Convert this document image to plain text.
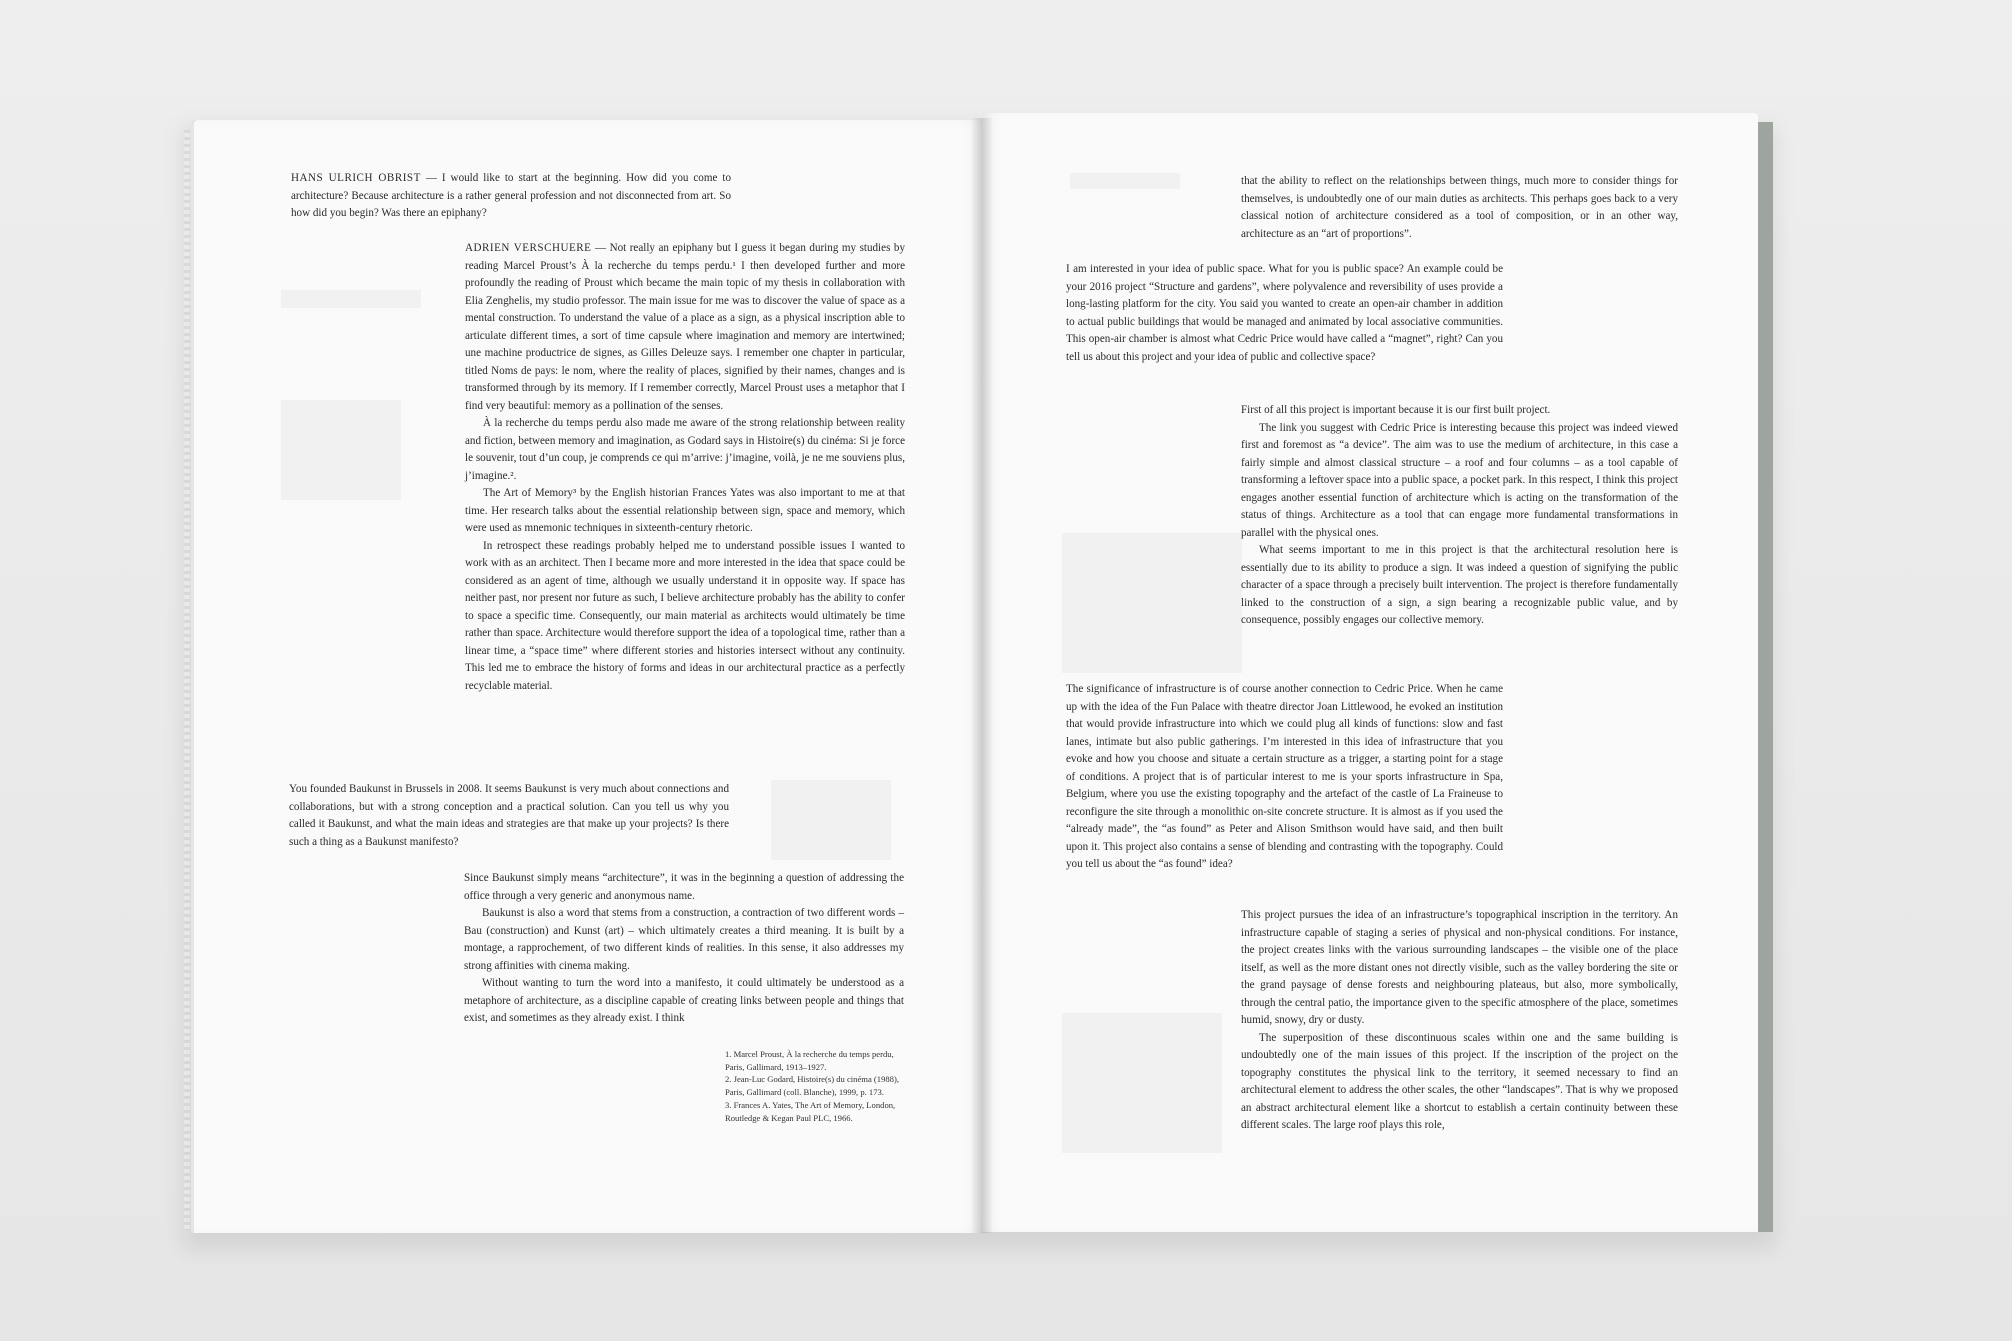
HANS ULRICH OBRIST — I would like to start at the beginning. How did you come to architecture? Because architecture is a rather general profession and not disconnected from art. So how did you begin? Was there an epiphany?

ADRIEN VERSCHUERE — Not really an epiphany but I guess it began during my studies by reading Marcel Proust’s À la recherche du temps perdu.¹ I then developed further and more profoundly the reading of Proust which became the main topic of my thesis in collaboration with Elia Zenghelis, my studio professor. The main issue for me was to discover the value of space as a mental construction. To understand the value of a place as a sign, as a physical inscription able to articulate different times, a sort of time capsule where imagination and memory are intertwined; une machine productrice de signes, as Gilles Deleuze says. I remember one chapter in particular, titled Noms de pays: le nom, where the reality of places, signified by their names, changes and is transformed through by its memory. If I remember correctly, Marcel Proust uses a metaphor that I find very beautiful: memory as a pollination of the senses.

À la recherche du temps perdu also made me aware of the strong relationship between reality and fiction, between memory and imagination, as Godard says in Histoire(s) du cinéma: Si je force le souvenir, tout d’un coup, je comprends ce qui m’arrive: j’imagine, voilà, je ne me souviens plus, j’imagine.².

The Art of Memory³ by the English historian Frances Yates was also important to me at that time. Her research talks about the essential relationship between sign, space and memory, which were used as mnemonic techniques in sixteenth-century rhetoric.

In retrospect these readings probably helped me to understand possible issues I wanted to work with as an architect. Then I became more and more interested in the idea that space could be considered as an agent of time, although we usually understand it in opposite way. If space has neither past, nor present nor future as such, I believe architecture probably has the ability to confer to space a specific time. Consequently, our main material as architects would ultimately be time rather than space. Architecture would therefore support the idea of a topological time, rather than a linear time, a “space time” where different stories and histories intersect without any continuity. This led me to embrace the history of forms and ideas in our architectural practice as a perfectly recyclable material.

You founded Baukunst in Brussels in 2008. It seems Baukunst is very much about connections and collaborations, but with a strong conception and a practical solution. Can you tell us why you called it Baukunst, and what the main ideas and strategies are that make up your projects? Is there such a thing as a Baukunst manifesto?

Since Baukunst simply means “architecture”, it was in the beginning a question of addressing the office through a very generic and anonymous name.

Baukunst is also a word that stems from a construction, a contraction of two different words – Bau (construction) and Kunst (art) – which ultimately creates a third meaning. It is built by a montage, a rapprochement, of two different kinds of realities. In this sense, it also addresses my strong affinities with cinema making.

Without wanting to turn the word into a manifesto, it could ultimately be understood as a metaphore of architecture, as a discipline capable of creating links between people and things that exist, and sometimes as they already exist. I think

1. Marcel Proust, À la recherche du temps perdu, Paris, Gallimard, 1913–1927.
2. Jean-Luc Godard, Histoire(s) du cinéma (1988), Paris, Gallimard (coll. Blanche), 1999, p. 173.
3. Frances A. Yates, The Art of Memory, London, Routledge & Kegan Paul PLC, 1966.

that the ability to reflect on the relationships between things, much more to consider things for themselves, is undoubtedly one of our main duties as architects. This perhaps goes back to a very classical notion of architecture considered as a tool of composition, or in an other way, architecture as an “art of proportions”.

I am interested in your idea of public space. What for you is public space? An example could be your 2016 project “Structure and gardens”, where polyvalence and reversibility of uses provide a long-lasting platform for the city. You said you wanted to create an open-air chamber in addition to actual public buildings that would be managed and animated by local associative communities. This open-air chamber is almost what Cedric Price would have called a “magnet”, right? Can you tell us about this project and your idea of public and collective space?

First of all this project is important because it is our first built project.

The link you suggest with Cedric Price is interesting because this project was indeed viewed first and foremost as “a device”. The aim was to use the medium of architecture, in this case a fairly simple and almost classical structure – a roof and four columns – as a tool capable of transforming a leftover space into a public space, a pocket park. In this respect, I think this project engages another essential function of architecture which is acting on the transformation of the status of things. Architecture as a tool that can engage more fundamental transformations in parallel with the physical ones.

What seems important to me in this project is that the architectural resolution here is essentially due to its ability to produce a sign. It was indeed a question of signifying the public character of a space through a precisely built intervention. The project is therefore fundamentally linked to the construction of a sign, a sign bearing a recognizable public value, and by consequence, possibly engages our collective memory.

The significance of infrastructure is of course another connection to Cedric Price. When he came up with the idea of the Fun Palace with theatre director Joan Littlewood, he evoked an institution that would provide infrastructure into which we could plug all kinds of functions: slow and fast lanes, intimate but also public gatherings. I’m interested in this idea of infrastructure that you evoke and how you choose and situate a certain structure as a trigger, a starting point for a stage of conditions. A project that is of particular interest to me is your sports infrastructure in Spa, Belgium, where you use the existing topography and the artefact of the castle of La Fraineuse to reconfigure the site through a monolithic on-site concrete structure. It is almost as if you used the “already made”, the “as found” as Peter and Alison Smithson would have said, and then built upon it. This project also contains a sense of blending and contrasting with the topography. Could you tell us about the “as found” idea?

This project pursues the idea of an infrastructure’s topographical inscription in the territory. An infrastructure capable of staging a series of physical and non-physical conditions. For instance, the project creates links with the various surrounding landscapes – the visible one of the place itself, as well as the more distant ones not directly visible, such as the valley bordering the site or the grand paysage of dense forests and neighbouring plateaus, but also, more symbolically, through the central patio, the importance given to the specific atmosphere of the place, sometimes humid, snowy, dry or dusty.

The superposition of these discontinuous scales within one and the same building is undoubtedly one of the main issues of this project. If the inscription of the project on the topography constitutes the physical link to the territory, it seemed necessary to find an architectural element to address the other scales, the other “landscapes”. That is why we proposed an abstract architectural element like a shortcut to establish a certain continuity between these different scales. The large roof plays this role,
